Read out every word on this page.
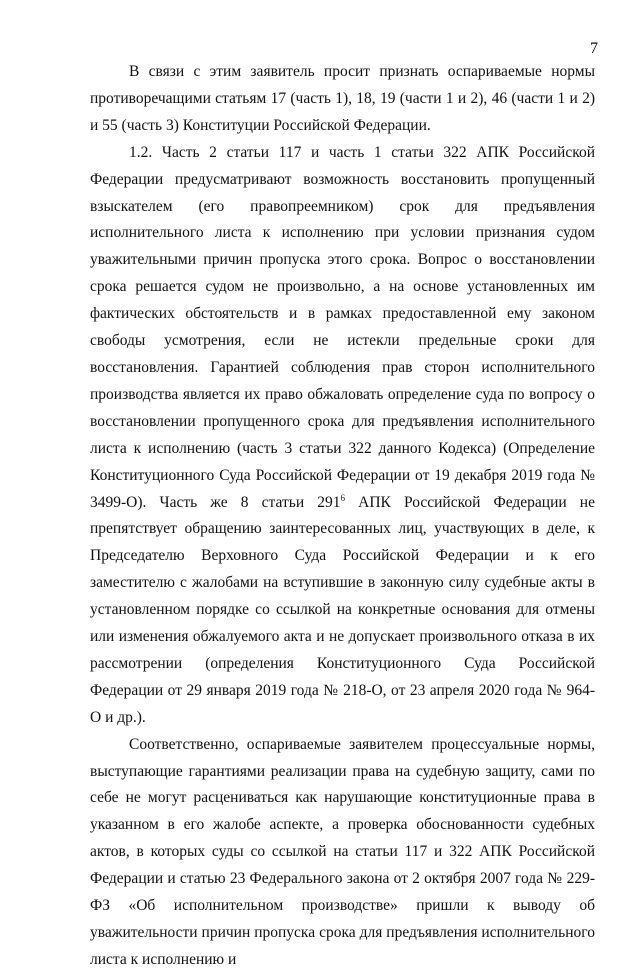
7

В связи с этим заявитель просит признать оспариваемые нормы противоречащими статьям 17 (часть 1), 18, 19 (части 1 и 2), 46 (части 1 и 2) и 55 (часть 3) Конституции Российской Федерации.

1.2. Часть 2 статьи 117 и часть 1 статьи 322 АПК Российской Федерации предусматривают возможность восстановить пропущенный взыскателем (его правопреемником) срок для предъявления исполнительного листа к исполнению при условии признания судом уважительными причин пропуска этого срока. Вопрос о восстановлении срока решается судом не произвольно, а на основе установленных им фактических обстоятельств и в рамках предоставленной ему законом свободы усмотрения, если не истекли предельные сроки для восстановления. Гарантией соблюдения прав сторон исполнительного производства является их право обжаловать определение суда по вопросу о восстановлении пропущенного срока для предъявления исполнительного листа к исполнению (часть 3 статьи 322 данного Кодекса) (Определение Конституционного Суда Российской Федерации от 19 декабря 2019 года № 3499-О). Часть же 8 статьи $291^6$ АПК Российской Федерации не препятствует обращению заинтересованных лиц, участвующих в деле, к Председателю Верховного Суда Российской Федерации и к его заместителю с жалобами на вступившие в законную силу судебные акты в установленном порядке со ссылкой на конкретные основания для отмены или изменения обжалуемого акта и не допускает произвольного отказа в их рассмотрении (определения Конституционного Суда Российской Федерации от 29 января 2019 года № 218-О, от 23 апреля 2020 года № 964-О и др.).

Соответственно, оспариваемые заявителем процессуальные нормы, выступающие гарантиями реализации права на судебную защиту, сами по себе не могут расцениваться как нарушающие конституционные права в указанном в его жалобе аспекте, а проверка обоснованности судебных актов, в которых суды со ссылкой на статьи 117 и 322 АПК Российской Федерации и статью 23 Федерального закона от 2 октября 2007 года № 229-ФЗ «Об исполнительном производстве» пришли к выводу об уважительности причин пропуска срока для предъявления исполнительного листа к исполнению и
